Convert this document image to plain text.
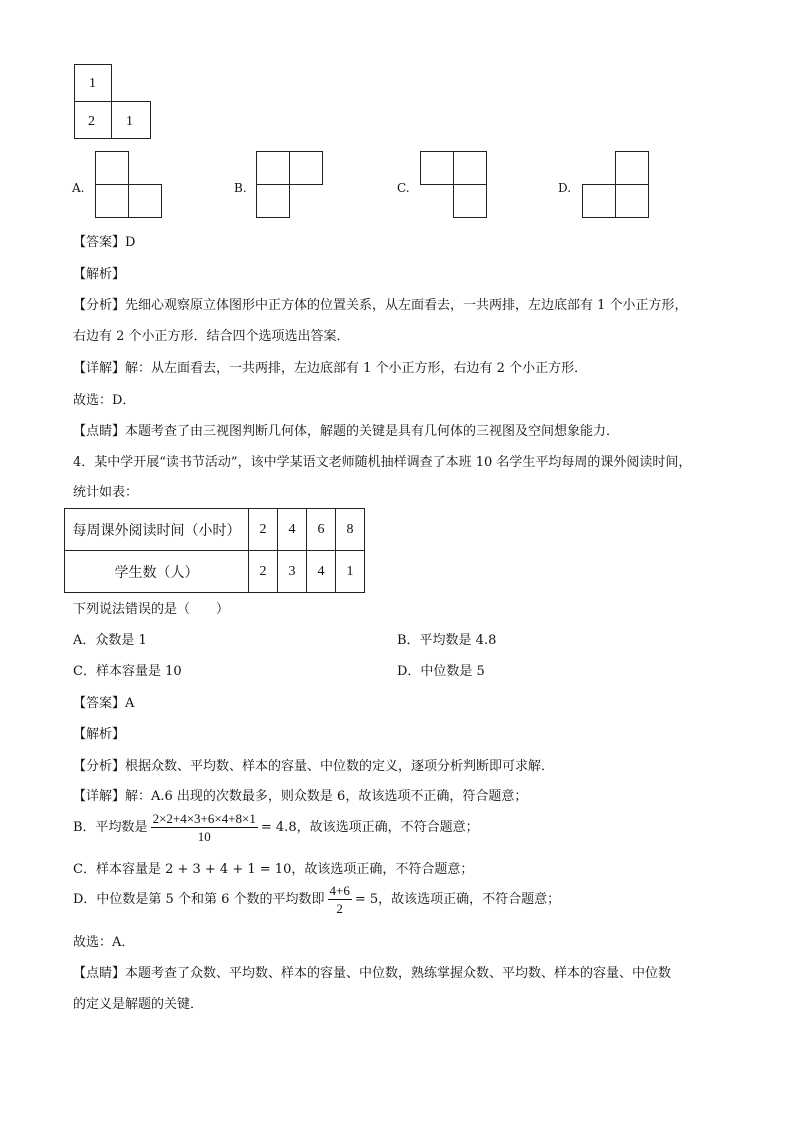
1
2 1
A.	B.	C.	D.
【答案】D
【解析】
【分析】先细心观察原立体图形中正方体的位置关系，从左面看去，一共两排，左边底部有 1 个小正方形，
右边有 2 个小正方形．结合四个选项选出答案．
【详解】解：从左面看去，一共两排，左边底部有 1 个小正方形，右边有 2 个小正方形．
故选：D．
【点睛】本题考查了由三视图判断几何体，解题的关键是具有几何体的三视图及空间想象能力．
4．某中学开展“读书节活动”，该中学某语文老师随机抽样调查了本班 10 名学生平均每周的课外阅读时间，
统计如表：
每周课外阅读时间（小时）	2	4	6	8
学生数（人）	2	3	4	1
下列说法错误的是（　　）
A．众数是 1	B．平均数是 4.8
C．样本容量是 10	D．中位数是 5
【答案】A
【解析】
【分析】根据众数、平均数、样本的容量、中位数的定义，逐项分析判断即可求解．
【详解】解：A.6 出现的次数最多，则众数是 6，故该选项不正确，符合题意；
B．平均数是 $\frac{2\times 2+4\times 3+6\times 4+8\times 1}{10} = 4.8$，故该选项正确，不符合题意；
C．样本容量是 2 + 3 + 4 + 1 = 10，故该选项正确，不符合题意；
D．中位数是第 5 个和第 6 个数的平均数即 $\frac{4+6}{2} = 5$，故该选项正确，不符合题意；
故选：A．
【点睛】本题考查了众数、平均数、样本的容量、中位数，熟练掌握众数、平均数、样本的容量、中位数
的定义是解题的关键．
